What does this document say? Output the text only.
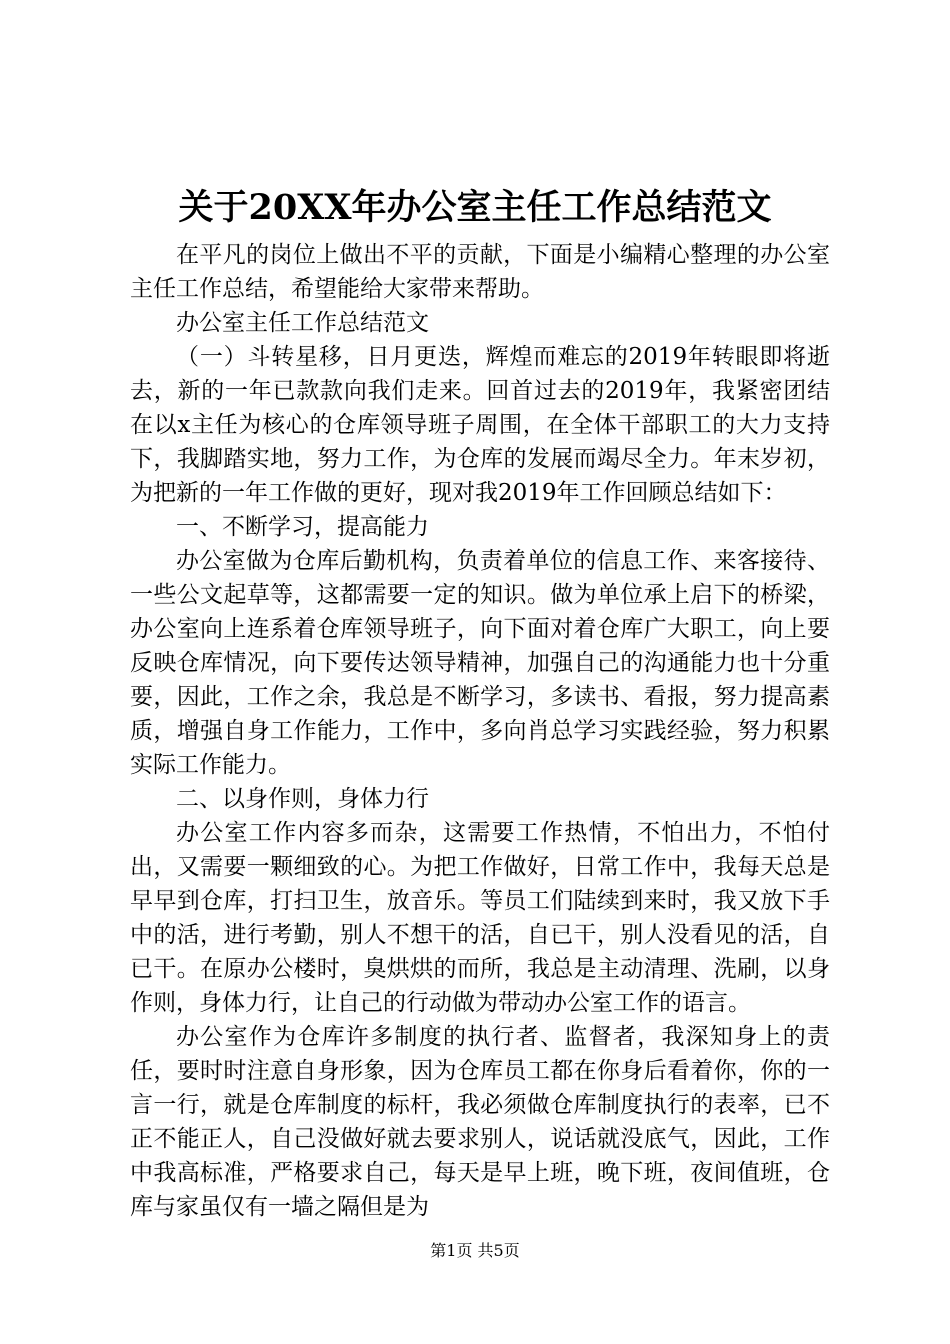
关于20XX年办公室主任工作总结范文

在平凡的岗位上做出不平的贡献，下面是小编精心整理的办公室主任工作总结，希望能给大家带来帮助。

办公室主任工作总结范文

（一）斗转星移，日月更迭，辉煌而难忘的2019年转眼即将逝去，新的一年已款款向我们走来。回首过去的2019年，我紧密团结在以x主任为核心的仓库领导班子周围，在全体干部职工的大力支持下，我脚踏实地，努力工作，为仓库的发展而竭尽全力。年末岁初，为把新的一年工作做的更好，现对我2019年工作回顾总结如下：

一、不断学习，提高能力

办公室做为仓库后勤机构，负责着单位的信息工作、来客接待、一些公文起草等，这都需要一定的知识。做为单位承上启下的桥梁，办公室向上连系着仓库领导班子，向下面对着仓库广大职工，向上要反映仓库情况，向下要传达领导精神，加强自己的沟通能力也十分重要，因此，工作之余，我总是不断学习，多读书、看报，努力提高素质，增强自身工作能力，工作中，多向肖总学习实践经验，努力积累实际工作能力。

二、以身作则，身体力行

办公室工作内容多而杂，这需要工作热情，不怕出力，不怕付出，又需要一颗细致的心。为把工作做好，日常工作中，我每天总是早早到仓库，打扫卫生，放音乐。等员工们陆续到来时，我又放下手中的活，进行考勤，别人不想干的活，自已干，别人没看见的活，自已干。在原办公楼时，臭烘烘的而所，我总是主动清理、洗刷，以身作则，身体力行，让自己的行动做为带动办公室工作的语言。

办公室作为仓库许多制度的执行者、监督者，我深知身上的责任，要时时注意自身形象，因为仓库员工都在你身后看着你，你的一言一行，就是仓库制度的标杆，我必须做仓库制度执行的表率，已不正不能正人，自己没做好就去要求别人，说话就没底气，因此，工作中我高标准，严格要求自己，每天是早上班，晚下班，夜间值班，仓库与家虽仅有一墙之隔但是为

第1页 共5页
